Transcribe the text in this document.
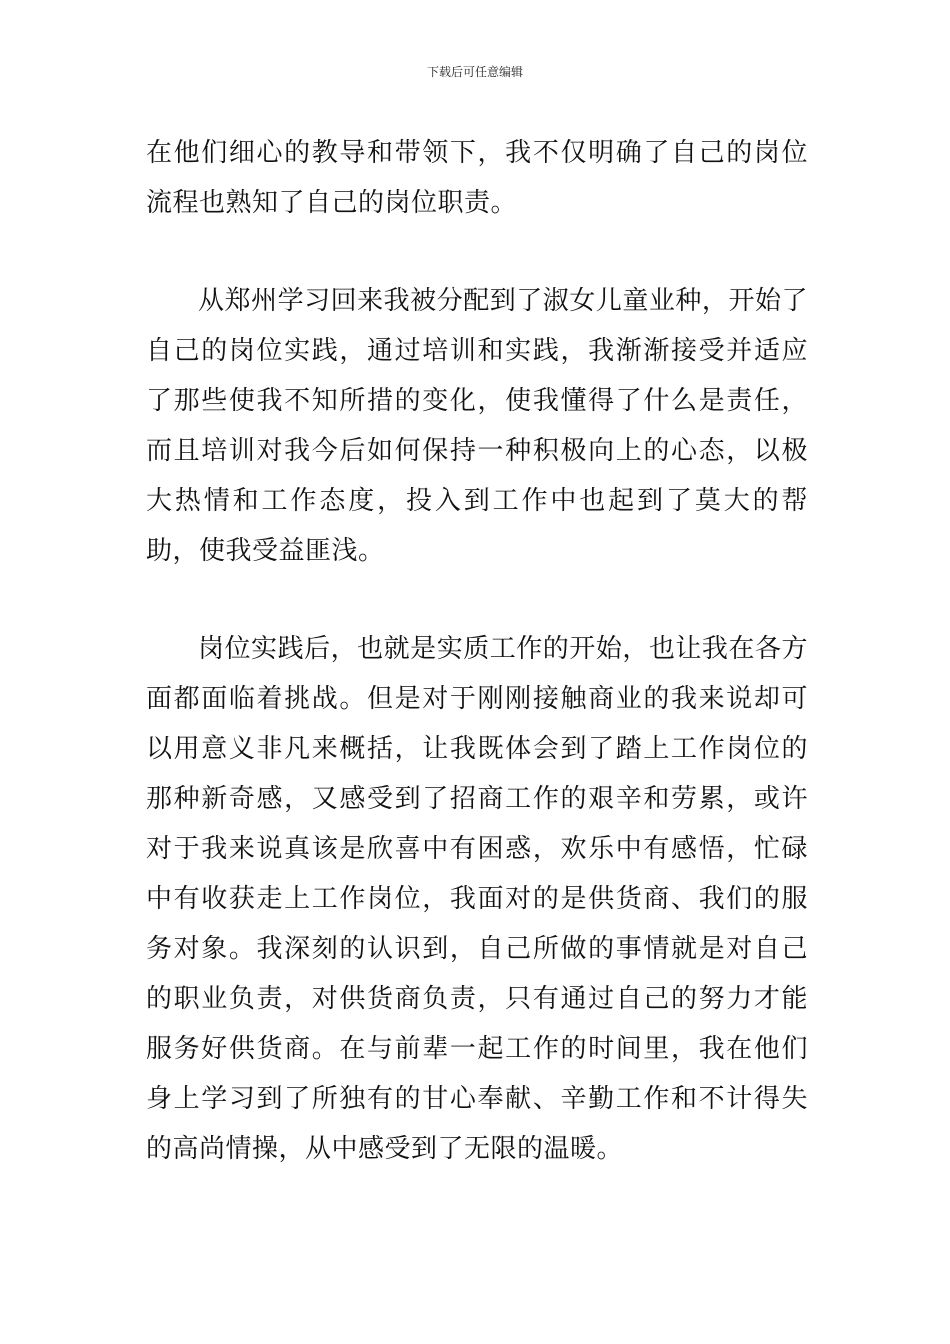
下载后可任意编辑

在他们细心的教导和带领下，我不仅明确了自己的岗位流程也熟知了自己的岗位职责。

从郑州学习回来我被分配到了淑女儿童业种，开始了自己的岗位实践，通过培训和实践，我渐渐接受并适应了那些使我不知所措的变化，使我懂得了什么是责任，而且培训对我今后如何保持一种积极向上的心态，以极大热情和工作态度，投入到工作中也起到了莫大的帮助，使我受益匪浅。

岗位实践后，也就是实质工作的开始，也让我在各方面都面临着挑战。但是对于刚刚接触商业的我来说却可以用意义非凡来概括，让我既体会到了踏上工作岗位的那种新奇感，又感受到了招商工作的艰辛和劳累，或许对于我来说真该是欣喜中有困惑，欢乐中有感悟，忙碌中有收获走上工作岗位，我面对的是供货商、我们的服务对象。我深刻的认识到，自己所做的事情就是对自己的职业负责，对供货商负责，只有通过自己的努力才能服务好供货商。在与前辈一起工作的时间里，我在他们身上学习到了所独有的甘心奉献、辛勤工作和不计得失的高尚情操，从中感受到了无限的温暖。
